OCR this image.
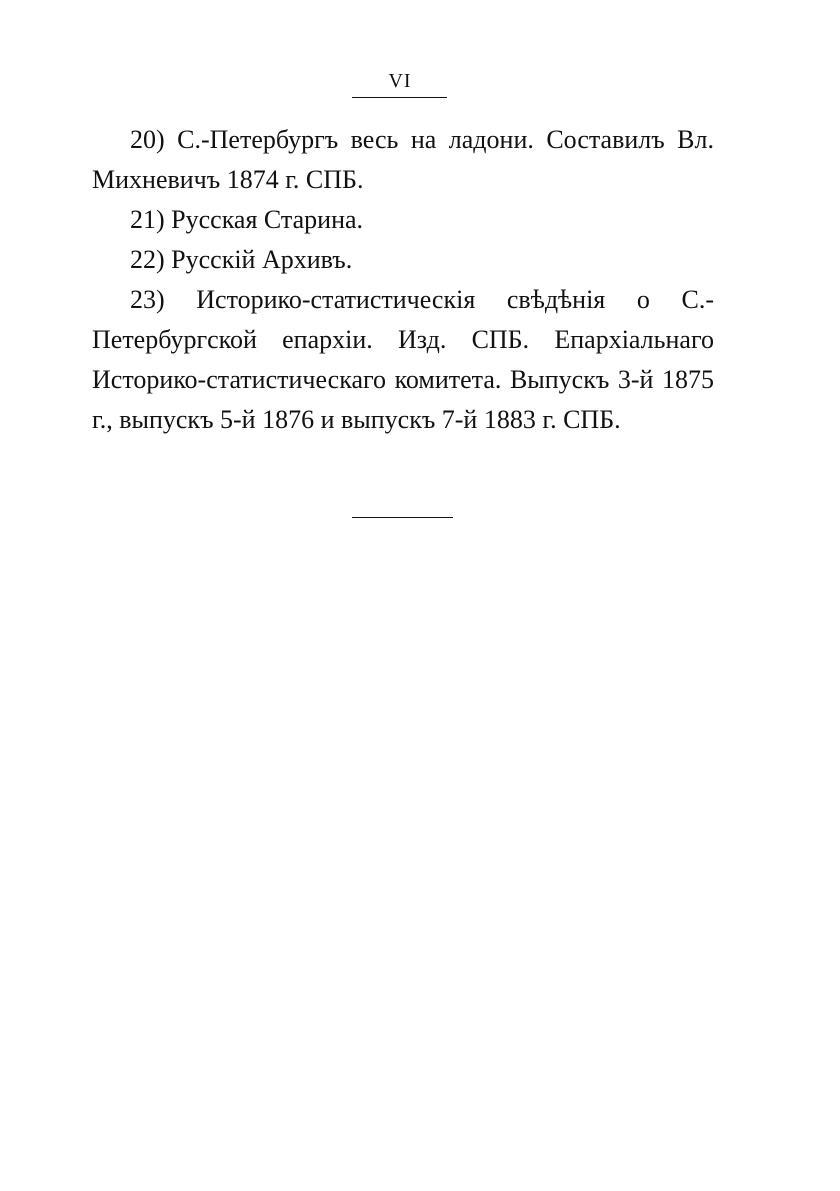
VI

20) С.-Петербургъ весь на ладони. Составилъ Вл. Михневичъ 1874 г. СПБ.

21) Русская Старина.

22) Русскій Архивъ.

23) Историко-статистическія свѣдѣнія о С.-Петербургской епархіи. Изд. СПБ. Епархіальнаго Историко-статистическаго комитета. Выпускъ 3-й 1875 г., выпускъ 5-й 1876 и выпускъ 7-й 1883 г. СПБ.
